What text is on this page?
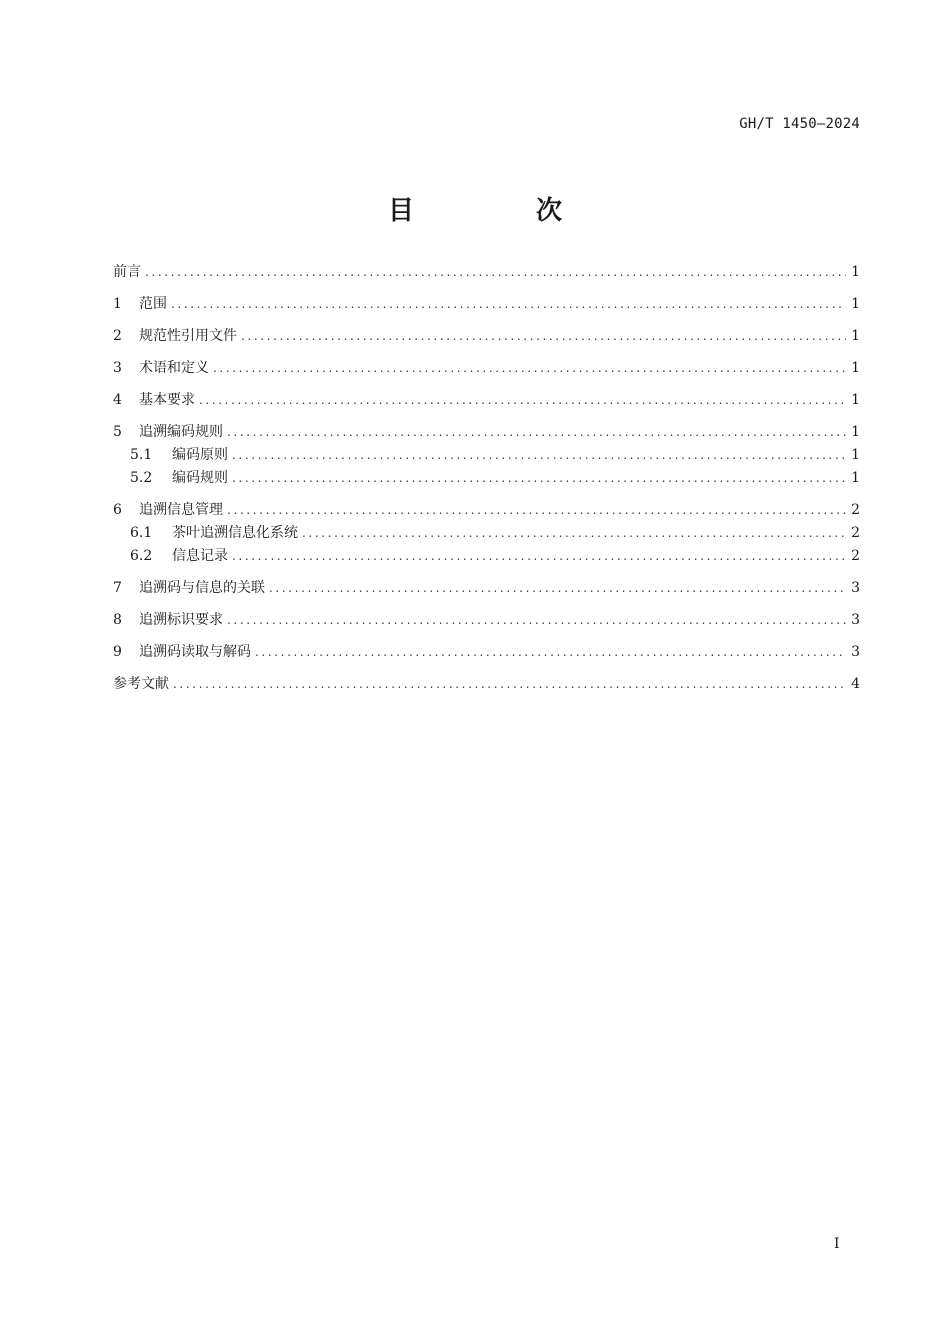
GH/T 1450—2024
目　次
前言 .....	1
1	范围 .....	1
2	规范性引用文件 .....	1
3	术语和定义 .....	1
4	基本要求 .....	1
5	追溯编码规则 .....	1
5.1	编码原则 .....	1
5.2	编码规则 .....	1
6	追溯信息管理 .....	2
6.1	茶叶追溯信息化系统 .....	2
6.2	信息记录 .....	2
7	追溯码与信息的关联 .....	3
8	追溯标识要求 .....	3
9	追溯码读取与解码 .....	3
参考文献 .....	4
I
